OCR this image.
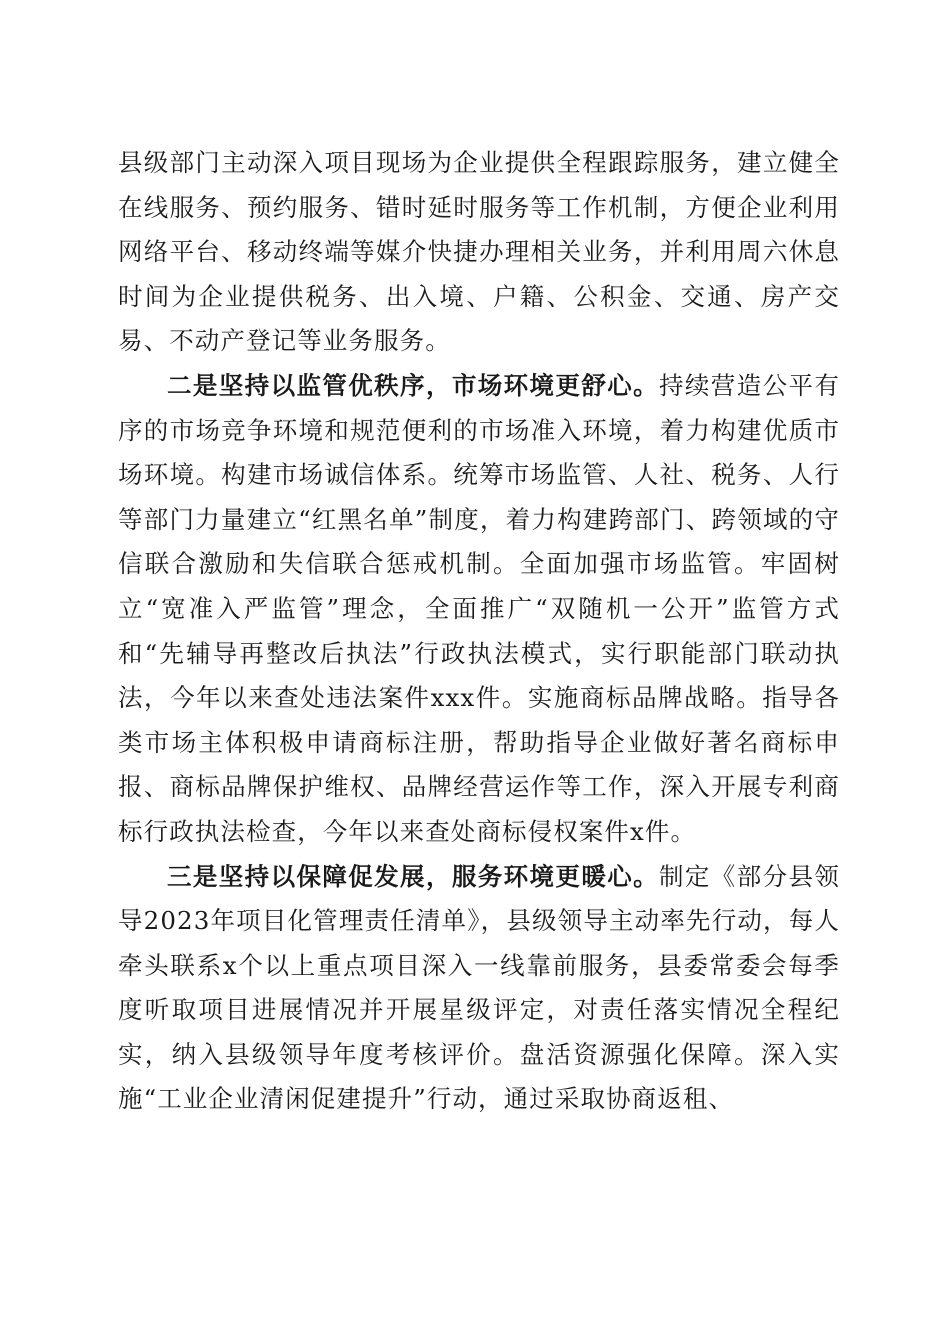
县级部门主动深入项目现场为企业提供全程跟踪服务，建立健全在线服务、预约服务、错时延时服务等工作机制，方便企业利用网络平台、移动终端等媒介快捷办理相关业务，并利用周六休息时间为企业提供税务、出入境、户籍、公积金、交通、房产交易、不动产登记等业务服务。

二是坚持以监管优秩序，市场环境更舒心。持续营造公平有序的市场竞争环境和规范便利的市场准入环境，着力构建优质市场环境。构建市场诚信体系。统筹市场监管、人社、税务、人行等部门力量建立“红黑名单”制度，着力构建跨部门、跨领域的守信联合激励和失信联合惩戒机制。全面加强市场监管。牢固树立“宽准入严监管”理念，全面推广“双随机一公开”监管方式和“先辅导再整改后执法”行政执法模式，实行职能部门联动执法，今年以来查处违法案件xxx件。实施商标品牌战略。指导各类市场主体积极申请商标注册，帮助指导企业做好著名商标申报、商标品牌保护维权、品牌经营运作等工作，深入开展专利商标行政执法检查，今年以来查处商标侵权案件x件。

三是坚持以保障促发展，服务环境更暖心。制定《部分县领导2023年项目化管理责任清单》，县级领导主动率先行动，每人牵头联系x个以上重点项目深入一线靠前服务，县委常委会每季度听取项目进展情况并开展星级评定，对责任落实情况全程纪实，纳入县级领导年度考核评价。盘活资源强化保障。深入实施“工业企业清闲促建提升”行动，通过采取协商返租、
